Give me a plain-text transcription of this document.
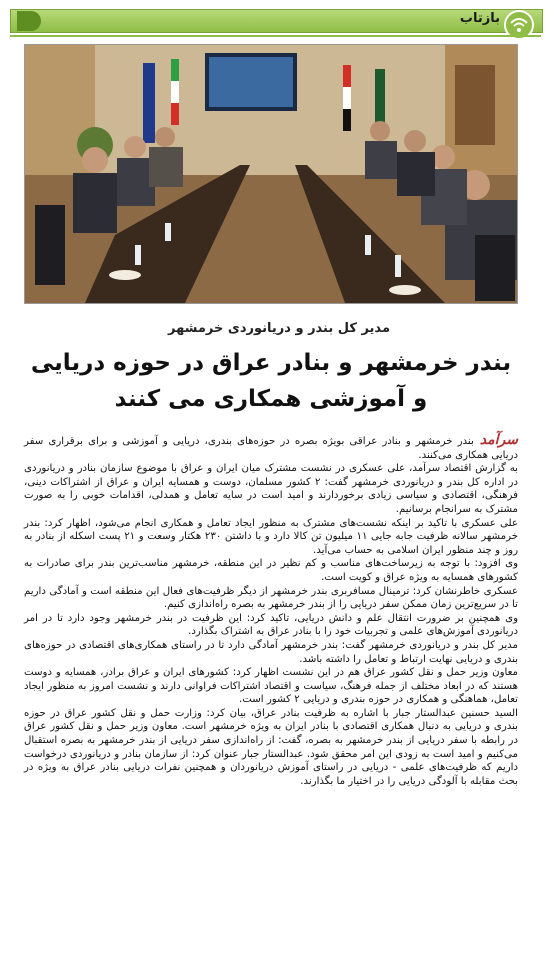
بازتاب
مدیر کل بندر و دریانوردی خرمشهر
بندر خرمشهر و بنادر عراق در حوزه دریایی و آموزشی همکاری می کنند

سرآمدبندر خرمشهر و بنادر عراقی بویژه بصره در حوزه‌های بندری، دریایی و آموزشی و برای برقراری سفر دریایی همکاری می‌کنند.

به گزارش اقتصاد سرآمد، علی عسکری در نشست مشترک میان ایران و عراق با موضوع سازمان بنادر و دریانوردی در اداره کل بندر و دریانوردی خرمشهر گفت: ۲ کشور مسلمان، دوست و همسایه ایران و عراق از اشتراکات دینی، فرهنگی، اقتصادی و سیاسی زیادی برخوردارند و امید است در سایه تعامل و همدلی، اقدامات خوبی را به صورت مشترک به سرانجام برسانیم.

علی عسکری با تاکید بر اینکه نشست‌های مشترک به منظور ایجاد تعامل و همکاری انجام می‌شود، اظهار کرد: بندر خرمشهر سالانه ظرفیت جابه جایی ۱۱ میلیون تن کالا دارد و با داشتن ۲۳۰ هکتار وسعت و ۲۱ پست اسکله از بنادر به روز و چند منظور ایران اسلامی به حساب می‌آید.

وی افزود: با توجه به زیرساخت‌های مناسب و کم نظیر در این منطقه، خرمشهر مناسب‌ترین بندر برای صادرات به کشورهای همسایه به ویژه عراق و کویت است.

عسکری خاطرنشان کرد: ترمینال مسافربری بندر خرمشهر از دیگر ظرفیت‌های فعال این منطقه است و آمادگی داریم تا در سریع‌ترین زمان ممکن سفر دریایی را از بندر خرمشهر به بصره راه‌اندازی کنیم.

وی همچنین بر ضرورت انتقال علم و دانش دریایی، تاکید کرد: این ظرفیت در بندر خرمشهر وجود دارد تا در امر دریانوردی آموزش‌های علمی و تجربیات خود را با بنادر عراق به اشتراک بگذارد.

مدیر کل بندر و دریانوردی خرمشهر گفت: بندر خرمشهر آمادگی دارد تا در راستای همکاری‌های اقتصادی در حوزه‌های بندری و دریایی نهایت ارتباط و تعامل را داشته باشد.

معاون وزیر حمل و نقل کشور عراق هم در این نشست اظهار کرد: کشورهای ایران و عراق برادر، همسایه و دوست هستند که در ابعاد مختلف از جمله فرهنگ، سیاست و اقتصاد اشتراکات فراوانی دارند و نشست امروز به منظور ایجاد تعامل، هماهنگی و همکاری در حوزه بندری و دریایی ۲ کشور است.

السید حسنین عبدالستار جبار با اشاره به ظرفیت بنادر عراق، بیان کرد: وزارت حمل و نقل کشور عراق در حوزه بندری و دریایی به دنبال همکاری اقتصادی با بنادر ایران به ویژه خرمشهر است. معاون وزیر حمل و نقل کشور عراق در رابطه با سفر دریایی از بندر خرمشهر به بصره، گفت: از راه‌اندازی سفر دریایی از بندر خرمشهر به بصره استقبال می‌کنیم و امید است به زودی این امر محقق شود. عبدالستار جبار عنوان کرد: از سازمان بنادر و دریانوردی درخواست داریم که ظرفیت‌های علمی - دریایی در راستای آموزش دریانوردان و همچنین نفرات دریایی بنادر عراق به ویژه در بحث مقابله با آلودگی دریایی را در اختیار ما بگذارند.
